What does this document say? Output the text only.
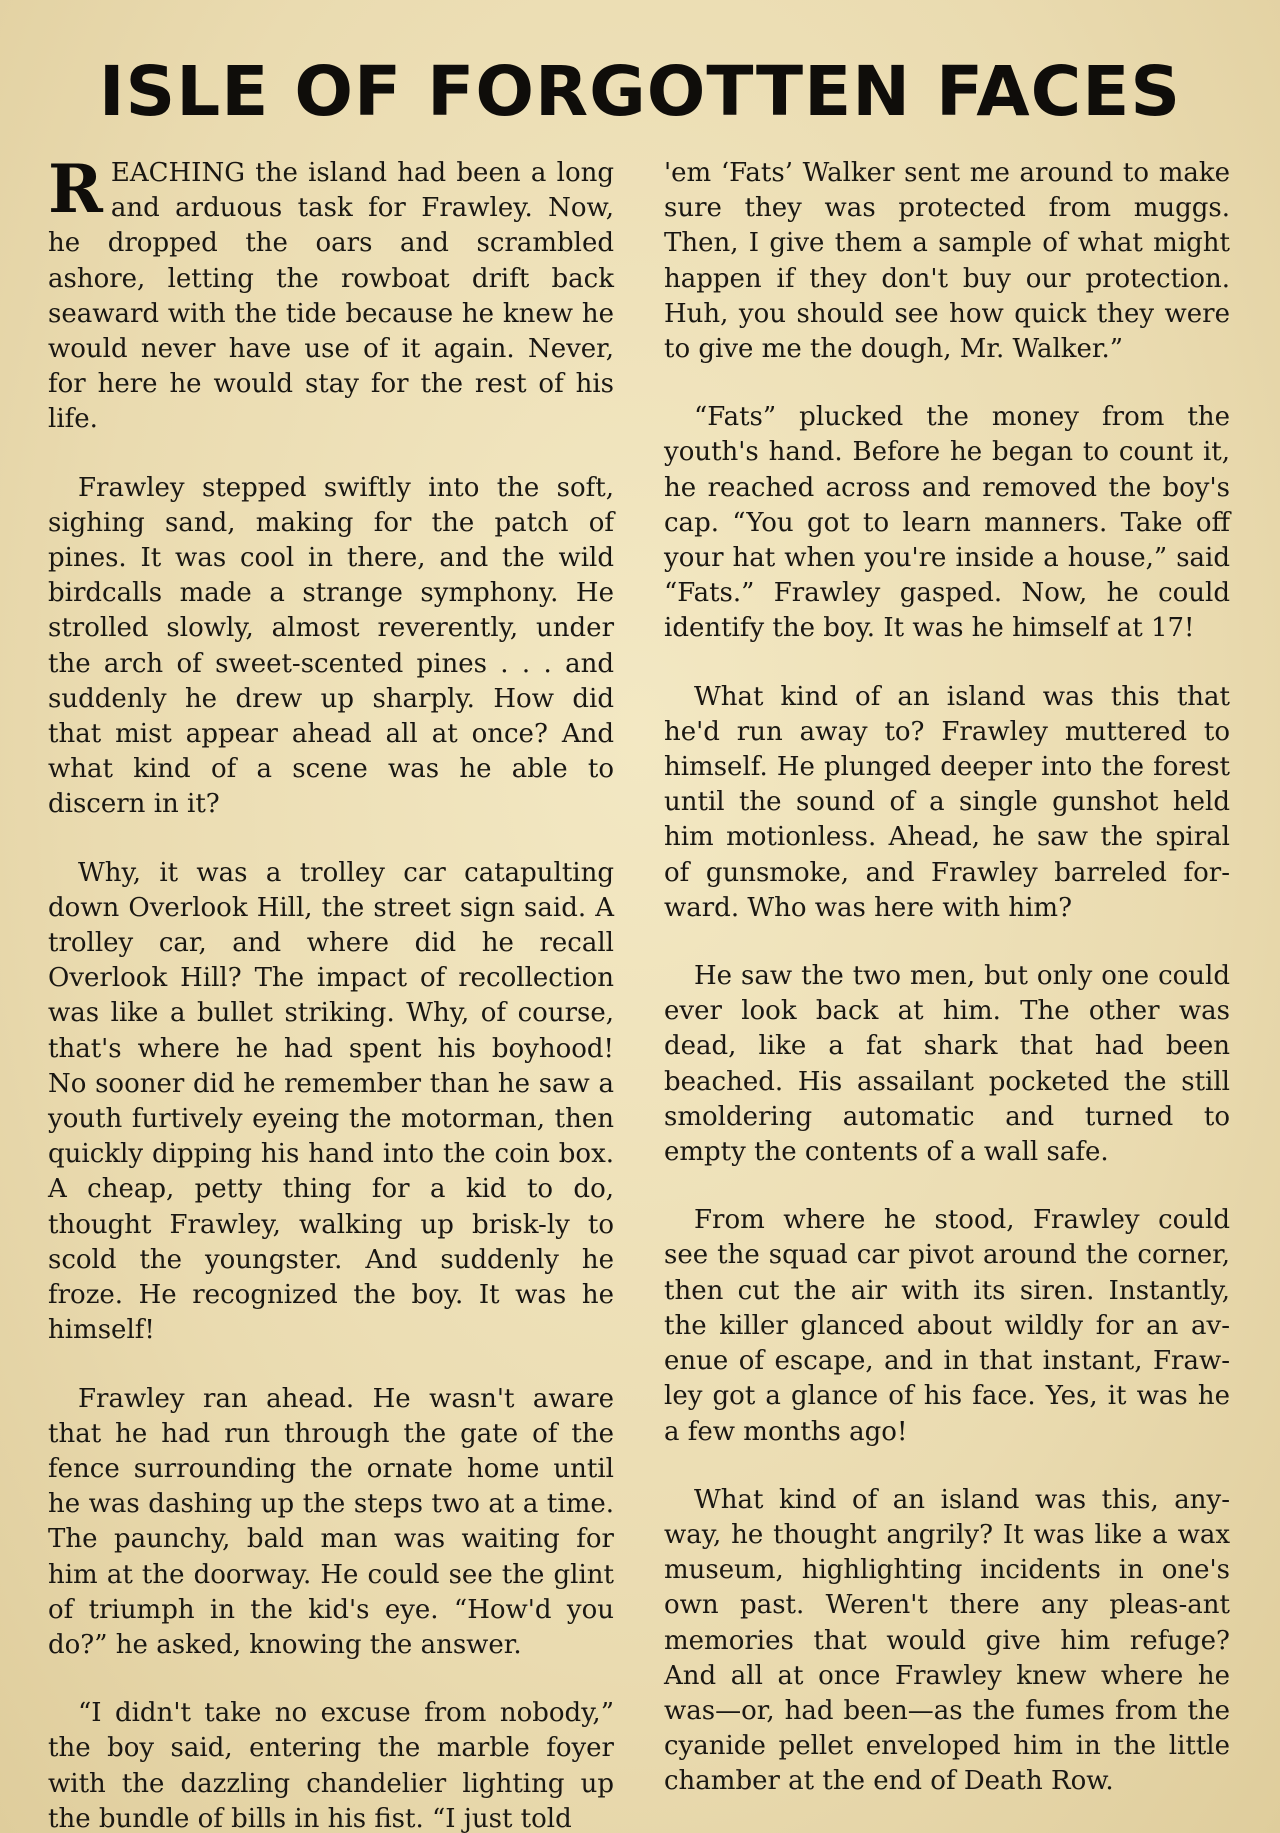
ISLE OF FORGOTTEN FACES

REACHING the island had been a long and arduous task for Frawley. Now, he dropped the oars and scrambled ashore, letting the rowboat drift back seaward with the tide because he knew he would never have use of it again. Never, for here he would stay for the rest of his life.

Frawley stepped swiftly into the soft, sighing sand, making for the patch of pines. It was cool in there, and the wild birdcalls made a strange symphony. He strolled slowly, almost reverently, under the arch of sweet-scented pines . . . and suddenly he drew up sharply. How did that mist appear ahead all at once? And what kind of a scene was he able to discern in it?

Why, it was a trolley car catapulting down Overlook Hill, the street sign said. A trolley car, and where did he recall Overlook Hill? The impact of recollection was like a bullet striking. Why, of course, that's where he had spent his boyhood! No sooner did he remember than he saw a youth furtively eyeing the motorman, then quickly dipping his hand into the coin box. A cheap, petty thing for a kid to do, thought Frawley, walking up brisk-ly to scold the youngster. And suddenly he froze. He recognized the boy. It was he himself!

Frawley ran ahead. He wasn't aware that he had run through the gate of the fence surrounding the ornate home until he was dashing up the steps two at a time. The paunchy, bald man was waiting for him at the doorway. He could see the glint of triumph in the kid's eye. “How'd you do?” he asked, knowing the answer.

“I didn't take no excuse from nobody,” the boy said, entering the marble foyer with the dazzling chandelier lighting up the bundle of bills in his fist. “I just told

'em ‘Fats’ Walker sent me around to make sure they was protected from muggs. Then, I give them a sample of what might happen if they don't buy our protection. Huh, you should see how quick they were to give me the dough, Mr. Walker.”

“Fats” plucked the money from the youth's hand. Before he began to count it, he reached across and removed the boy's cap. “You got to learn manners. Take off your hat when you're inside a house,” said “Fats.” Frawley gasped. Now, he could identify the boy. It was he himself at 17!

What kind of an island was this that he'd run away to? Frawley muttered to himself. He plunged deeper into the forest until the sound of a single gunshot held him motionless. Ahead, he saw the spiral of gunsmoke, and Frawley barreled for-ward. Who was here with him?

He saw the two men, but only one could ever look back at him. The other was dead, like a fat shark that had been beached. His assailant pocketed the still smoldering automatic and turned to empty the contents of a wall safe.

From where he stood, Frawley could see the squad car pivot around the corner, then cut the air with its siren. Instantly, the killer glanced about wildly for an av-enue of escape, and in that instant, Fraw-ley got a glance of his face. Yes, it was he a few months ago!

What kind of an island was this, any-way, he thought angrily? It was like a wax museum, highlighting incidents in one's own past. Weren't there any pleas-ant memories that would give him refuge? And all at once Frawley knew where he was—or, had been—as the fumes from the cyanide pellet enveloped him in the little chamber at the end of Death Row.
